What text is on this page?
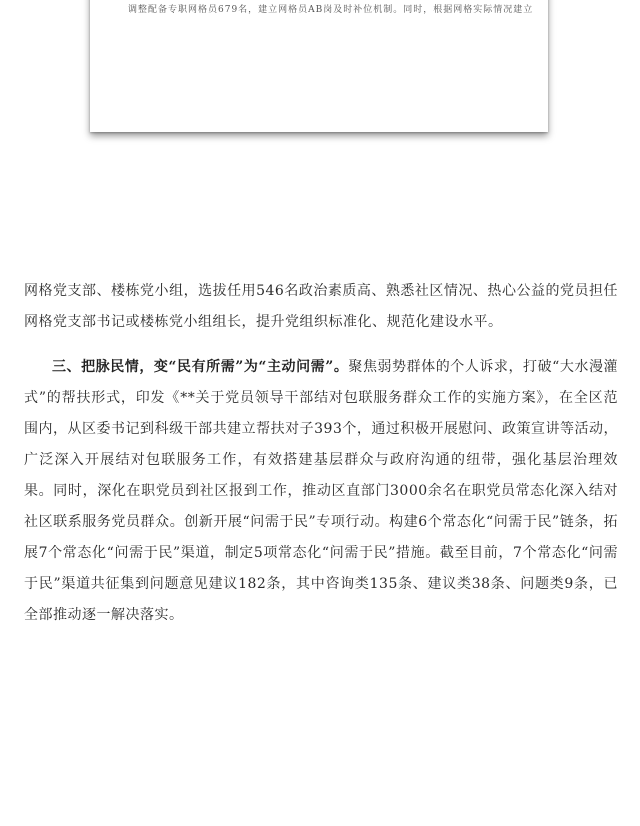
调整配备专职网格员679名，建立网格员AB岗及时补位机制。同时，根据网格实际情况建立

网格党支部、楼栋党小组，选拔任用546名政治素质高、熟悉社区情况、热心公益的党员担任网格党支部书记或楼栋党小组组长，提升党组织标准化、规范化建设水平。

三、把脉民情，变“民有所需”为“主动问需”。聚焦弱势群体的个人诉求，打破“大水漫灌式”的帮扶形式，印发《**关于党员领导干部结对包联服务群众工作的实施方案》，在全区范围内，从区委书记到科级干部共建立帮扶对子393个，通过积极开展慰问、政策宣讲等活动，广泛深入开展结对包联服务工作，有效搭建基层群众与政府沟通的纽带，强化基层治理效果。同时，深化在职党员到社区报到工作，推动区直部门3000余名在职党员常态化深入结对社区联系服务党员群众。创新开展“问需于民”专项行动。构建6个常态化“问需于民”链条，拓展7个常态化“问需于民”渠道，制定5项常态化“问需于民”措施。截至目前，7个常态化“问需于民”渠道共征集到问题意见建议182条，其中咨询类135条、建议类38条、问题类9条，已全部推动逐一解决落实。
